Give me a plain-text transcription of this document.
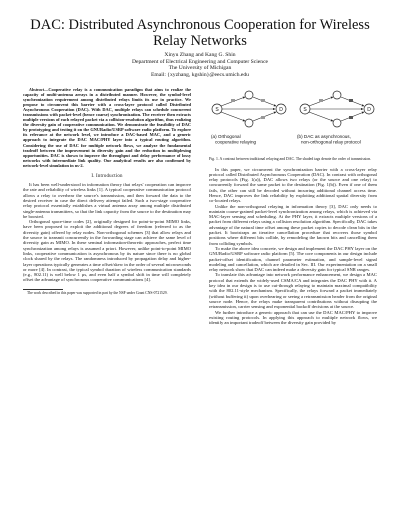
DAC: Distributed Asynchronous Cooperation for Wireless Relay Networks
Xinyu Zhang and Kang G. Shin
Department of Electrical Engineering and Computer Science
The University of Michigan
Email: {xyzhang, kgshin}@eecs.umich.edu

Abstract—Cooperative relay is a communication paradigm that aims to realize the capacity of multi-antenna arrays in a distributed manner. However, the symbol-level synchronization requirement among distributed relays limits its use in practice. We propose to circumvent this barrier with a cross-layer protocol called Distributed Asynchronous Cooperation (DAC). With DAC, multiple relays can schedule concurrent transmissions with packet-level (hence coarse) synchronization. The receiver then extracts multiple versions of each relayed packet via a collision-resolution algorithm, thus realizing the diversity gain of cooperative communication. We demonstrate the feasibility of DAC by prototyping and testing it on the GNURadio/USRP software radio platform. To explore its relevance at the network level, we introduce a DAC-based MAC, and a generic approach to integrate the DAC MAC/PHY layer into a typical routing algorithm. Considering the use of DAC for multiple network flows, we analyze the fundamental tradeoff between the improvement in diversity gain and the reduction in multiplexing opportunities. DAC is shown to improve the throughput and delay performance of lossy networks with intermediate link quality. Our analytical results are also confirmed by network-level simulation in ns-2.

I. Introduction

It has been well-understood in information theory that relays' cooperation can improve the rate and reliability of wireless links [1]. A typical cooperative communication protocol allows a relay to overhear the source's transmission, and then forward the data to the desired receiver in case the direct delivery attempt failed. Such a two-stage cooperative relay protocol essentially establishes a virtual antenna array among multiple distributed single-antenna transmitters, so that the link capacity from the source to the destination may be boosted.

Orthogonal space-time codes [2], originally designed for point-to-point MIMO links, have been proposed to exploit the additional degrees of freedom (referred to as the diversity gain) offered by relay nodes. Non-orthogonal schemes [3] that allow relays and the source to transmit concurrently in the forwarding stage can achieve the same level of diversity gain as MIMO. In these seminal information-theoretic approaches, perfect time synchronization among relays is assumed a priori. However, unlike point-to-point MIMO links, cooperative communication is asynchronous by its nature since there is no global clock shared by the relays. The randomness introduced by propagation delay and higher-layer operations typically generates a time offset/skew in the order of several microseconds or more [4]. In contrast, the typical symbol duration of wireless communication standards (e.g., 802.11) is well below 1 µs, and even half a symbol shift in time will completely offset the advantage of synchronous cooperative communications [4].

The work described in this paper was supported in part by the NSF under Grant CNS-0721529.

S	D	S	D
(a) Orthogonal cooperative relaying
(b) DAC as asynchronous, non-orthogonal relay protocol

Fig. 1. A contrast between traditional relaying and DAC. The shaded tags denote the order of transmission.

In this paper, we circumvent the synchronization barrier with a cross-layer relay protocol called Distributed Asynchronous Cooperation (DAC). In contrast with orthogonal relay protocols (Fig. 1(a)), DAC allows two relays (or the source and one relay) to concurrently forward the same packet to the destination (Fig. 1(b)). Even if one of them fails, the other can still be decoded without incurring additional channel access time. Hence, DAC improves the link reliability by exploiting additional spatial diversity from co-located relays.

Unlike the non-orthogonal relaying in information theory [3], DAC only needs to maintain coarse-grained packet-level synchronization among relays, which is achieved via MAC-layer sensing and scheduling. At the PHY layer, it extracts multiple versions of a packet from different relays using a collision resolution algorithm. Specifically, DAC takes advantage of the natural time offset among these packet copies to decode clean bits in the packet. It bootstraps an iterative cancellation procedure that recovers those symbol positions where different bits collide, by remodeling the known bits and cancelling them from colliding symbols.

To make the above idea concrete, we design and implement the DAC PHY layer on the GNURadio/USRP software radio platform [5]. The core components in our design include packet-offset identification, channel parameter estimation, and sample-level signal modeling and cancellation, which are detailed in Sec. III. Our experimentation on a small relay network show that DAC can indeed make a diversity gain for typical SNR ranges.

To translate this advantage into network performance enhancement, we design a MAC protocol that extends the widely-used CSMA/CA and integrates the DAC PHY with it. A key idea in our design is to use cut-through relaying to maintain maximal compatibility with the 802.11-style mechanism. Specifically, the relays forward a packet immediately (without buffering it) upon overhearing or seeing a retransmission header from the original source node. Hence, the relays make transparent contributions without disrupting the retransmission, carrier sensing and exponential backoff decisions at the source.

We further introduce a generic approach that can use the DAC MAC/PHY to improve existing routing protocols. In applying this approach to multiple network flows, we identify an important tradeoff between the diversity gain provided by
